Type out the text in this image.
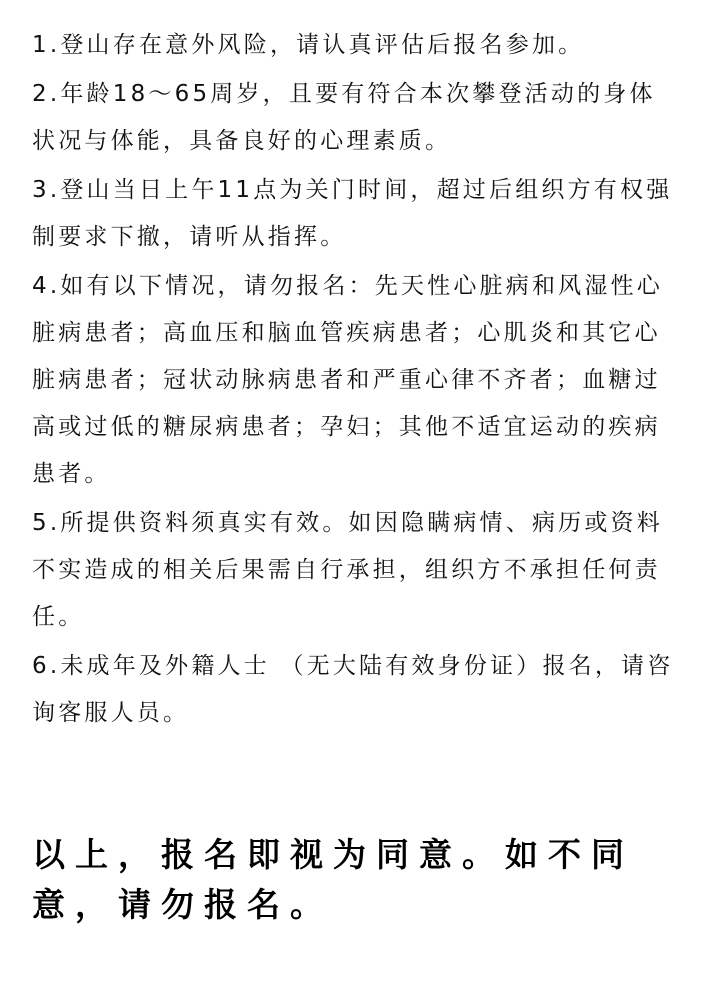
1.登山存在意外风险，请认真评估后报名参加。
2.年龄18～65周岁，且要有符合本次攀登活动的身体状况与体能，具备良好的心理素质。
3.登山当日上午11点为关门时间，超过后组织方有权强制要求下撤，请听从指挥。
4.如有以下情况，请勿报名：先天性心脏病和风湿性心脏病患者；高血压和脑血管疾病患者；心肌炎和其它心脏病患者；冠状动脉病患者和严重心律不齐者；血糖过高或过低的糖尿病患者；孕妇；其他不适宜运动的疾病患者。
5.所提供资料须真实有效。如因隐瞒病情、病历或资料不实造成的相关后果需自行承担，组织方不承担任何责任。
6.未成年及外籍人士 （无大陆有效身份证）报名，请咨询客服人员。

以上，报名即视为同意。如不同意，请勿报名。
